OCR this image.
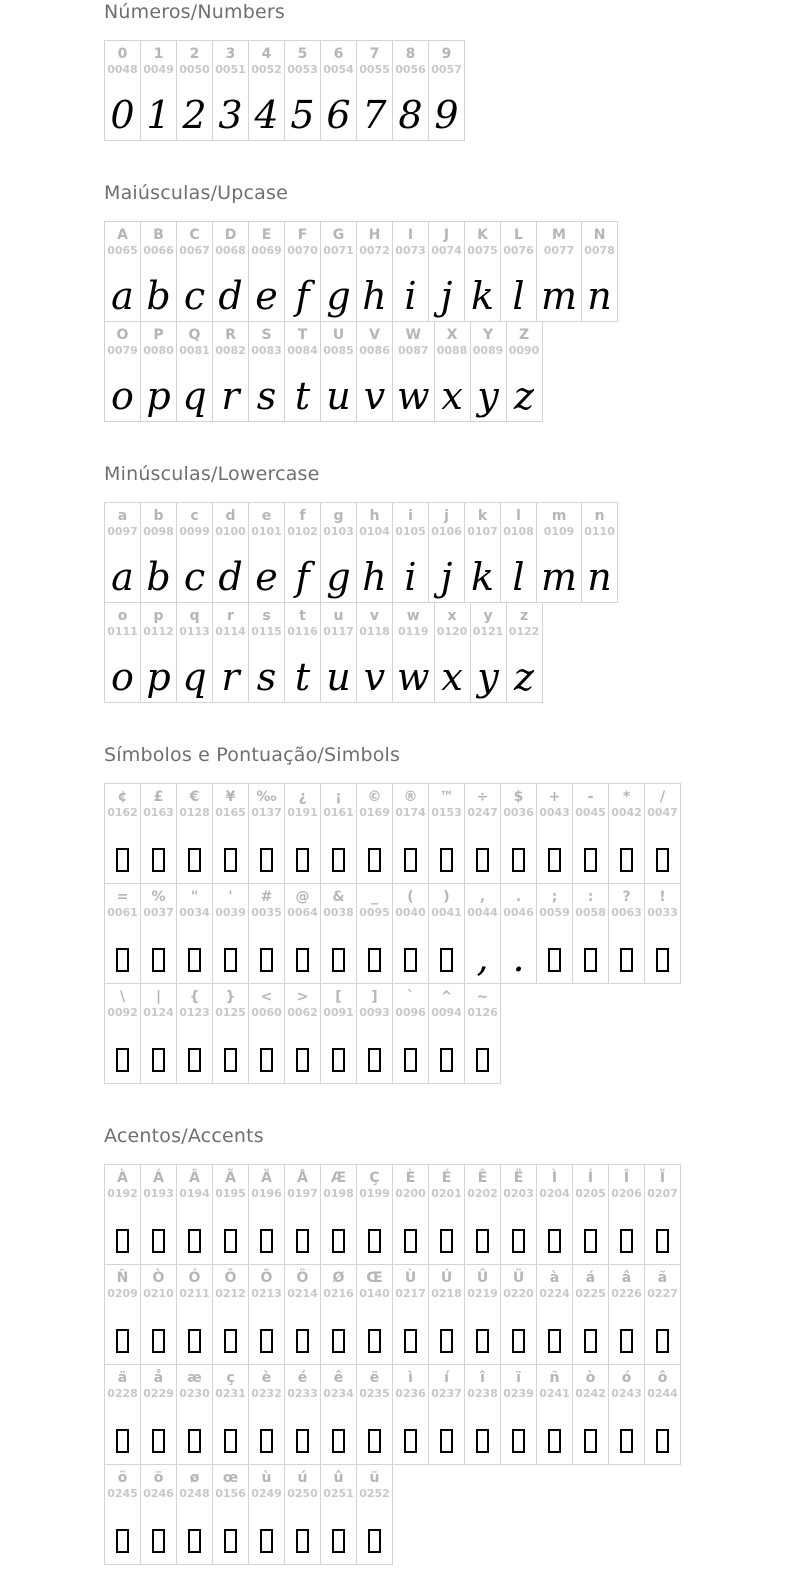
Números/Numbers
0
0048
0
1
0049
1
2
0050
2
3
0051
3
4
0052
4
5
0053
5
6
0054
6
7
0055
7
8
0056
8
9
0057
9
Maiúsculas/Upcase
A
0065
a
B
0066
b
C
0067
c
D
0068
d
E
0069
e
F
0070
f
G
0071
g
H
0072
h
I
0073
i
J
0074
j
K
0075
k
L
0076
l
M
0077
m
N
0078
n
O
0079
o
P
0080
p
Q
0081
q
R
0082
r
S
0083
s
T
0084
t
U
0085
u
V
0086
v
W
0087
w
X
0088
x
Y
0089
y
Z
0090
z
Minúsculas/Lowercase
a
0097
a
b
0098
b
c
0099
c
d
0100
d
e
0101
e
f
0102
f
g
0103
g
h
0104
h
i
0105
i
j
0106
j
k
0107
k
l
0108
l
m
0109
m
n
0110
n
o
0111
o
p
0112
p
q
0113
q
r
0114
r
s
0115
s
t
0116
t
u
0117
u
v
0118
v
w
0119
w
x
0120
x
y
0121
y
z
0122
z
Símbolos e Pontuação/Simbols
¢
0162
£
0163
€
0128
¥
0165
‰
0137
¿
0191
¡
0161
©
0169
®
0174
™
0153
÷
0247
$
0036
+
0043
-
0045
*
0042
/
0047
=
0061
%
0037
"
0034
'
0039
#
0035
@
0064
&
0038
_
0095
(
0040
)
0041
,
0044
,
.
0046
.
;
0059
:
0058
?
0063
!
0033
\
0092
|
0124
{
0123
}
0125
<
0060
>
0062
[
0091
]
0093
`
0096
^
0094
~
0126
Acentos/Accents
À
0192
Á
0193
Â
0194
Ã
0195
Ä
0196
Å
0197
Æ
0198
Ç
0199
È
0200
É
0201
Ê
0202
Ë
0203
Ì
0204
Í
0205
Î
0206
Ï
0207
Ñ
0209
Ò
0210
Ó
0211
Ô
0212
Õ
0213
Ö
0214
Ø
0216
Œ
0140
Ù
0217
Ú
0218
Û
0219
Ü
0220
à
0224
á
0225
â
0226
ã
0227
ä
0228
å
0229
æ
0230
ç
0231
è
0232
é
0233
ê
0234
ë
0235
ì
0236
í
0237
î
0238
ï
0239
ñ
0241
ò
0242
ó
0243
ô
0244
õ
0245
ö
0246
ø
0248
œ
0156
ù
0249
ú
0250
û
0251
ü
0252
